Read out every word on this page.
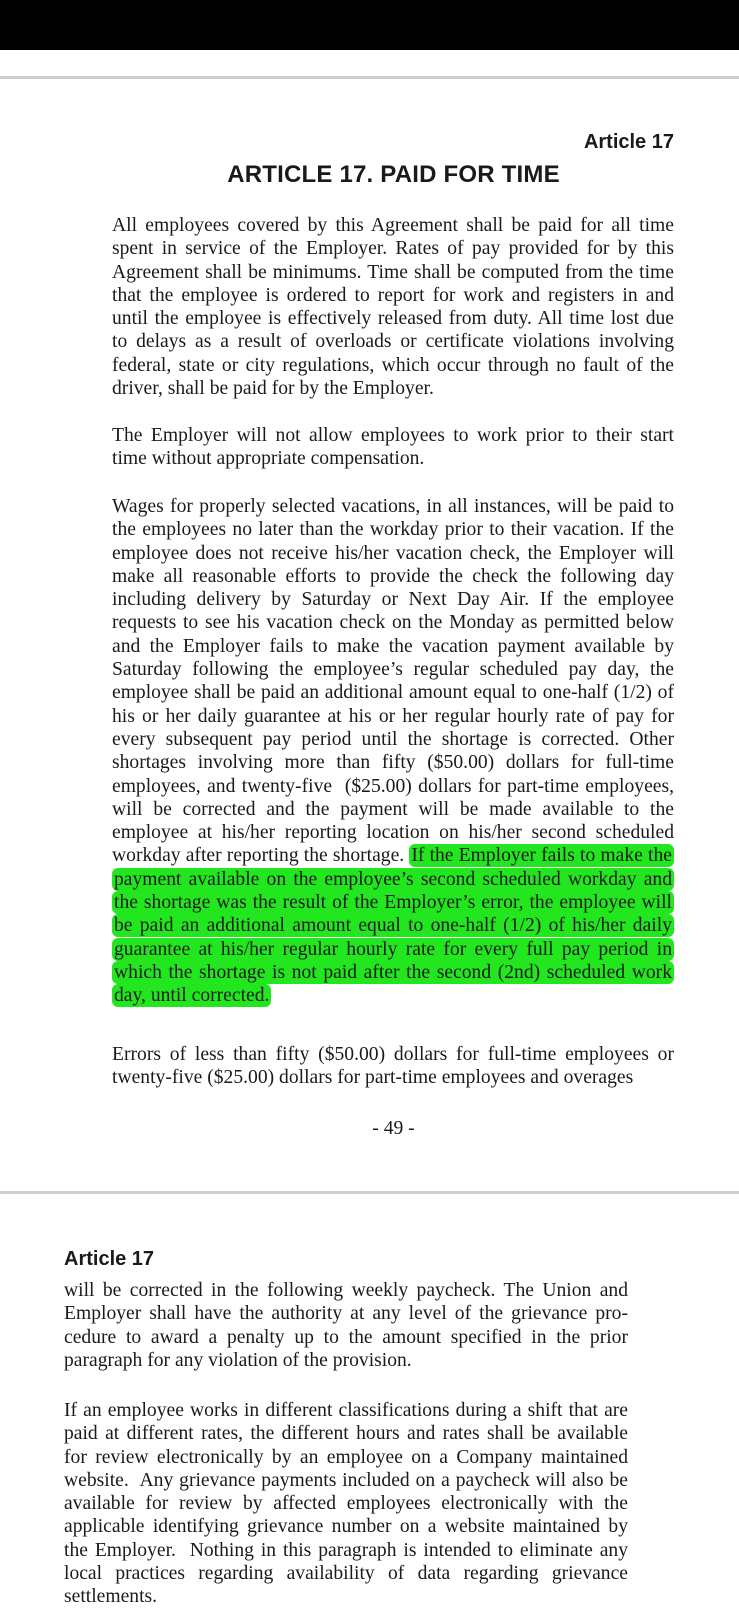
Article 17
ARTICLE 17. PAID FOR TIME

All employees covered by this Agreement shall be paid for all time spent in service of the Employer. Rates of pay provided for by this Agreement shall be minimums. Time shall be computed from the time that the employee is ordered to report for work and registers in and until the employee is effectively released from duty. All time lost due to delays as a result of overloads or certificate violations involving federal, state or city regulations, which occur through no fault of the driver, shall be paid for by the Employer.

The Employer will not allow employees to work prior to their start time without appropriate compensation.

Wages for properly selected vacations, in all instances, will be paid to the employees no later than the workday prior to their vacation. If the employee does not receive his/her vacation check, the Employer will make all reasonable efforts to provide the check the following day including delivery by Saturday or Next Day Air. If the employee requests to see his vacation check on the Monday as permitted below and the Employer fails to make the vacation payment available by Saturday following the employee’s regular scheduled pay day, the employee shall be paid an additional amount equal to one-half (1/2) of his or her daily guarantee at his or her regular hourly rate of pay for every subsequent pay period until the shortage is corrected. Other shortages involving more than fifty ($50.00) dollars for full-time employees, and twenty-five  ($25.00) dollars for part-time employees, will be corrected and the payment will be made available to the employee at his/her reporting location on his/her second scheduled workday after reporting the shortage. If the Employer fails to make the payment available on the employee’s second scheduled workday and the shortage was the result of the Employer’s error, the employee will be paid an additional amount equal to one-half (1/2) of his/her daily guarantee at his/her regular hourly rate for every full pay period in which the shortage is not paid after the second (2nd) scheduled work day, until corrected.

Errors of less than fifty ($50.00) dollars for full-time employees or twenty-five ($25.00) dollars for part-time employees and overages

- 49 -
Article 17

will be corrected in the following weekly paycheck. The Union and Employer shall have the authority at any level of the grievance procedure to award a penalty up to the amount specified in the prior paragraph for any violation of the provision.

If an employee works in different classifications during a shift that are paid at different rates, the different hours and rates shall be available for review electronically by an employee on a Company maintained website.  Any grievance payments included on a paycheck will also be available for review by affected employees electronically with the applicable identifying grievance number on a website maintained by the Employer.  Nothing in this paragraph is intended to eliminate any local practices regarding availability of data regarding grievance settlements.
